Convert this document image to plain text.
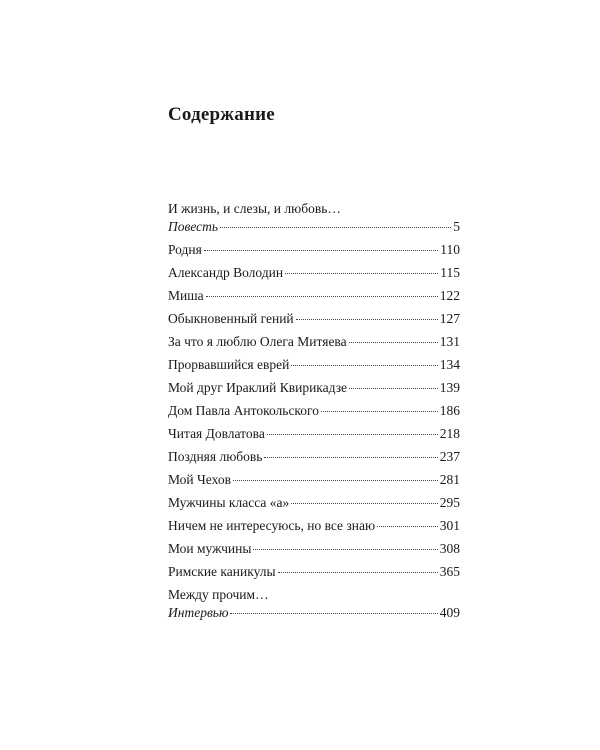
Содержание
И жизнь, и слезы, и любовь…
Повесть	5
Родня	110
Александр Володин	115
Миша	122
Обыкновенный гений	127
За что я люблю Олега Митяева	131
Прорвавшийся еврей	134
Мой друг Ираклий Квирикадзе	139
Дом Павла Антокольского	186
Читая Довлатова	218
Поздняя любовь	237
Мой Чехов	281
Мужчины класса «а»	295
Ничем не интересуюсь, но все знаю	301
Мои мужчины	308
Римские каникулы	365
Между прочим…
Интервью	409
